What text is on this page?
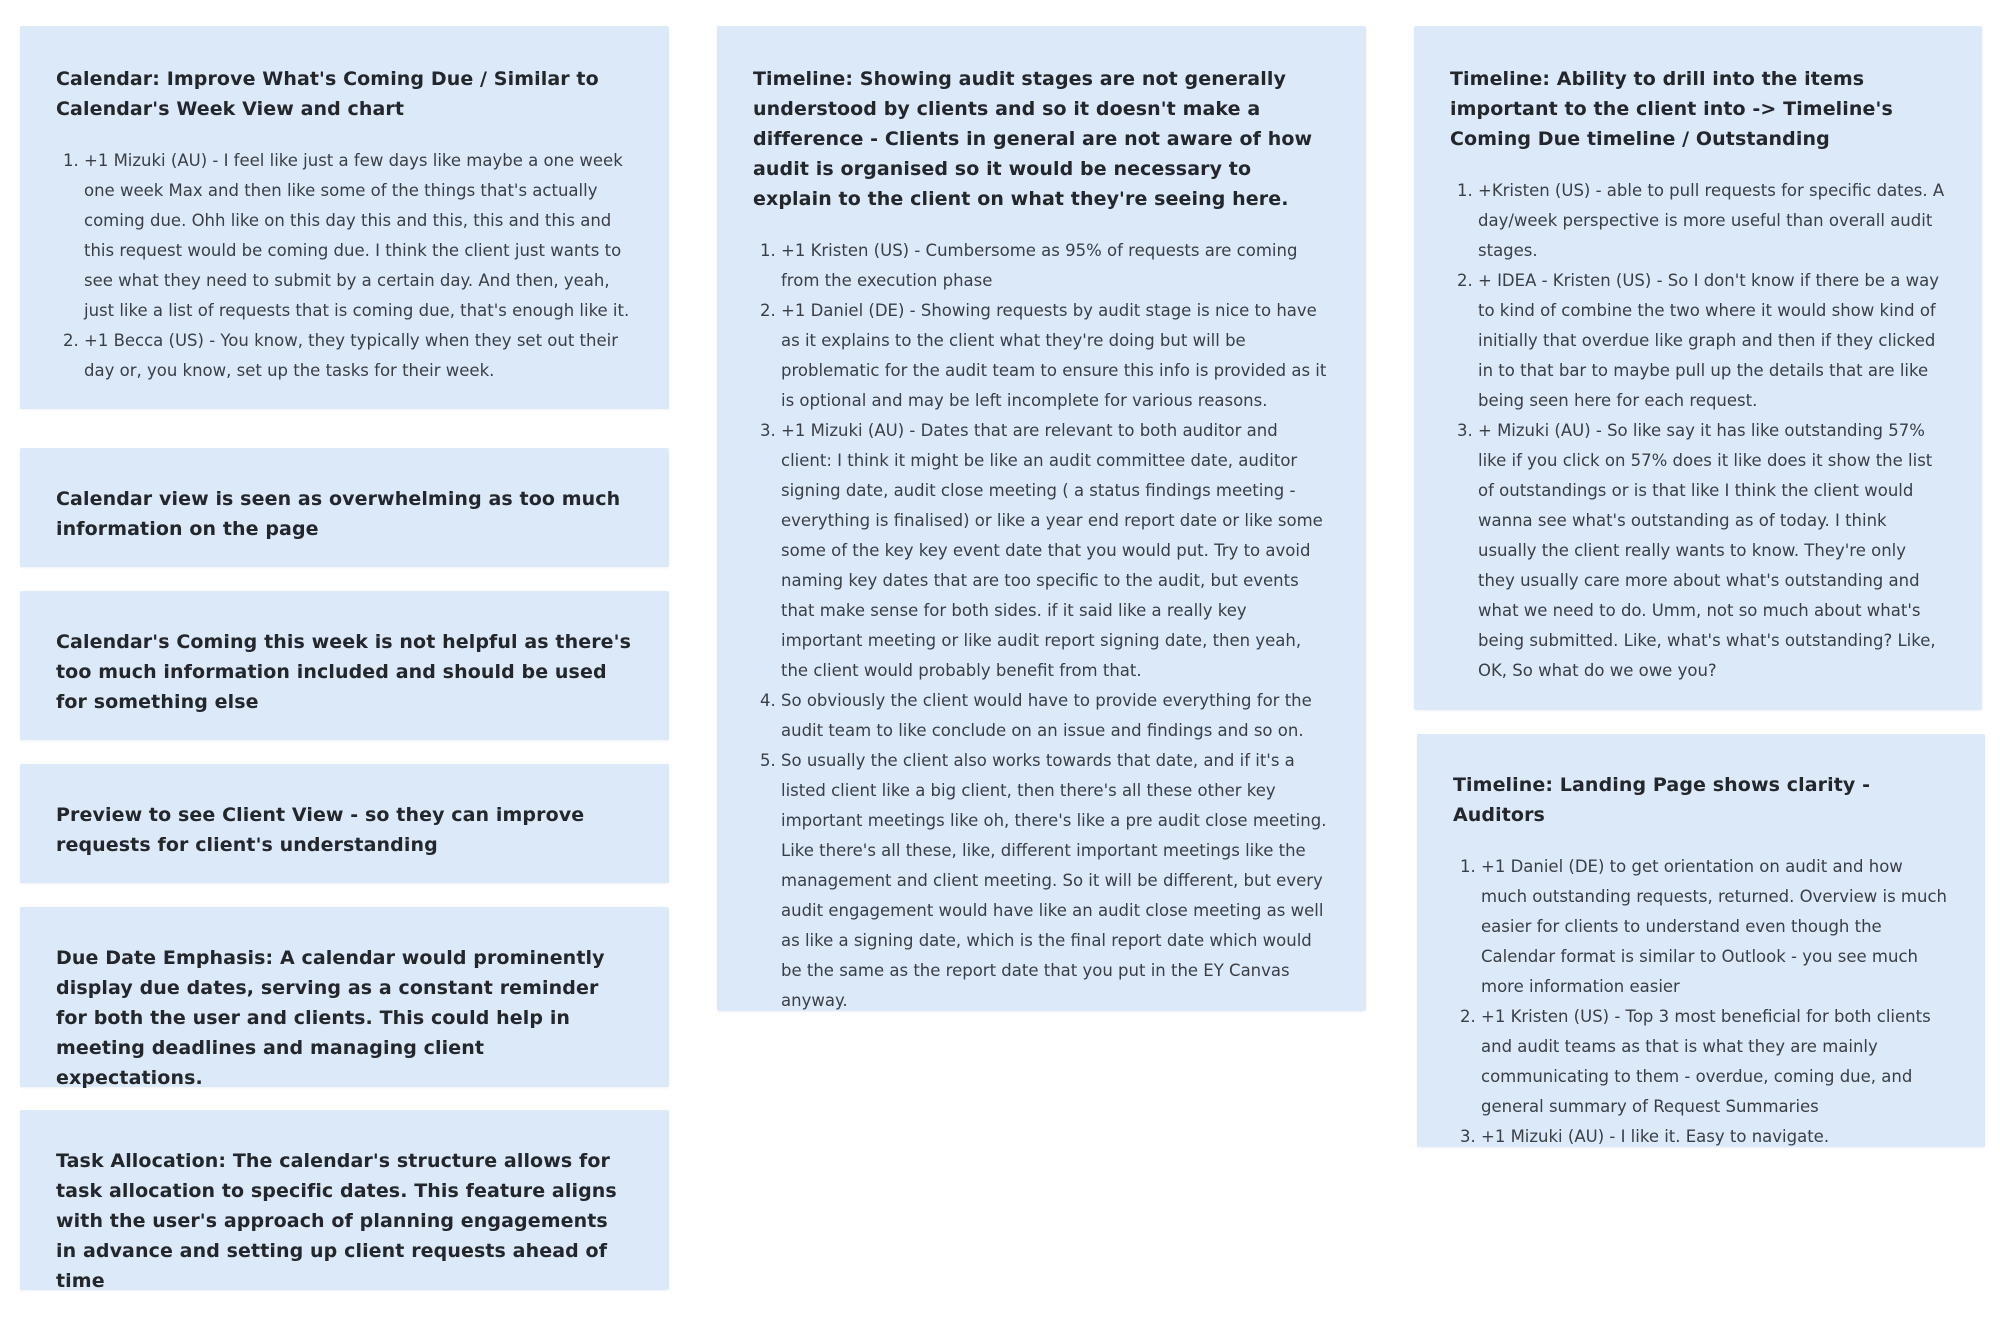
Calendar: Improve What's Coming Due / Similar to Calendar's Week View and chart

1. +1 Mizuki (AU) - I feel like just a few days like maybe a one week one week Max and then like some of the things that's actually coming due. Ohh like on this day this and this, this and this and this request would be coming due. I think the client just wants to see what they need to submit by a certain day. And then, yeah, just like a list of requests that is coming due, that's enough like it.
2. +1 Becca (US) - You know, they typically when they set out their day or, you know, set up the tasks for their week.

Calendar view is seen as overwhelming as too much information on the page

Calendar's Coming this week is not helpful as there's too much information included and should be used for something else

Preview to see Client View - so they can improve requests for client's understanding

Due Date Emphasis: A calendar would prominently display due dates, serving as a constant reminder for both the user and clients. This could help in meeting deadlines and managing client expectations.

Task Allocation: The calendar's structure allows for task allocation to specific dates. This feature aligns with the user's approach of planning engagements in advance and setting up client requests ahead of time

Timeline: Showing audit stages are not generally understood by clients and so it doesn't make a difference - Clients in general are not aware of how audit is organised so it would be necessary to explain to the client on what they're seeing here.

1. +1 Kristen (US) - Cumbersome as 95% of requests are coming from the execution phase
2. +1 Daniel (DE) - Showing requests by audit stage is nice to have as it explains to the client what they're doing but will be problematic for the audit team to ensure this info is provided as it is optional and may be left incomplete for various reasons.
3. +1 Mizuki (AU) - Dates that are relevant to both auditor and client: I think it might be like an audit committee date, auditor signing date, audit close meeting ( a status findings meeting - everything is finalised) or like a year end report date or like some some of the key key event date that you would put. Try to avoid naming key dates that are too specific to the audit, but events that make sense for both sides. if it said like a really key important meeting or like audit report signing date, then yeah, the client would probably benefit from that.
4. So obviously the client would have to provide everything for the audit team to like conclude on an issue and findings and so on.
5. So usually the client also works towards that date, and if it's a listed client like a big client, then there's all these other key important meetings like oh, there's like a pre audit close meeting. Like there's all these, like, different important meetings like the management and client meeting. So it will be different, but every audit engagement would have like an audit close meeting as well as like a signing date, which is the final report date which would be the same as the report date that you put in the EY Canvas anyway.

Timeline: Ability to drill into the items important to the client into -> Timeline's Coming Due timeline / Outstanding

1. +Kristen (US) - able to pull requests for specific dates. A day/week perspective is more useful than overall audit stages.
2. + IDEA - Kristen (US) - So I don't know if there be a way to kind of combine the two where it would show kind of initially that overdue like graph and then if they clicked in to that bar to maybe pull up the details that are like being seen here for each request.
3. + Mizuki (AU) - So like say it has like outstanding 57% like if you click on 57% does it like does it show the list of outstandings or is that like I think the client would wanna see what's outstanding as of today. I think usually the client really wants to know. They're only they usually care more about what's outstanding and what we need to do. Umm, not so much about what's being submitted. Like, what's what's outstanding? Like, OK, So what do we owe you?

Timeline: Landing Page shows clarity - Auditors

1. +1 Daniel (DE) to get orientation on audit and how much outstanding requests, returned. Overview is much easier for clients to understand even though the Calendar format is similar to Outlook - you see much more information easier
2. +1 Kristen (US) - Top 3 most beneficial for both clients and audit teams as that is what they are mainly communicating to them - overdue, coming due, and general summary of Request Summaries
3. +1 Mizuki (AU) - I like it. Easy to navigate.
